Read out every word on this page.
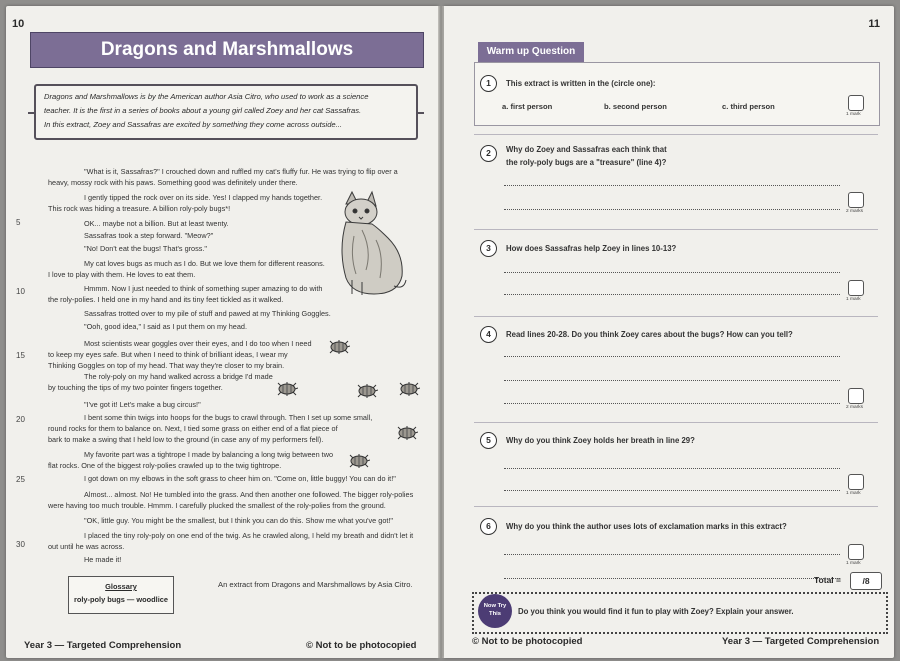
10
Dragons and Marshmallows
Dragons and Marshmallows is by the American author Asia Citro, who used to work as a science
teacher. It is the first in a series of books about a young girl called Zoey and her cat Sassafras.
In this extract, Zoey and Sassafras are excited by something they come across outside...
"What is it, Sassafras?" I crouched down and ruffled my cat's fluffy fur. He was trying to flip over a
heavy, mossy rock with his paws. Something good was definitely under there.
I gently tipped the rock over on its side. Yes! I clapped my hands together.
This rock was hiding a treasure. A billion roly-poly bugs*!
OK... maybe not a billion. But at least twenty.
Sassafras took a step forward. "Meow?"
"No! Don't eat the bugs! That's gross."
My cat loves bugs as much as I do. But we love them for different reasons.
I love to play with them. He loves to eat them.
Hmmm. Now I just needed to think of something super amazing to do with
the roly-polies. I held one in my hand and its tiny feet tickled as it walked.
Sassafras trotted over to my pile of stuff and pawed at my Thinking Goggles.
"Ooh, good idea," I said as I put them on my head.
Most scientists wear goggles over their eyes, and I do too when I need
to keep my eyes safe. But when I need to think of brilliant ideas, I wear my
Thinking Goggles on top of my head. That way they're closer to my brain.
The roly-poly on my hand walked across a bridge I'd made
by touching the tips of my two pointer fingers together.
"I've got it! Let's make a bug circus!"
I bent some thin twigs into hoops for the bugs to crawl through. Then I set up some small,
round rocks for them to balance on. Next, I tied some grass on either end of a flat piece of
bark to make a swing that I held low to the ground (in case any of my performers fell).
My favorite part was a tightrope I made by balancing a long twig between two
flat rocks. One of the biggest roly-polies crawled up to the twig tightrope.
I got down on my elbows in the soft grass to cheer him on. "Come on, little buggy! You can do it!"
Almost... almost. No! He tumbled into the grass. And then another one followed. The bigger roly-polies
were having too much trouble. Hmmm. I carefully plucked the smallest of the roly-polies from the ground.
"OK, little guy. You might be the smallest, but I think you can do this. Show me what you've got!"
I placed the tiny roly-poly on one end of the twig. As he crawled along, I held my breath and didn't let it
out until he was across.
He made it!
5
10
15
20
25
30
Glossary
roly-poly bugs — woodlice
An extract from Dragons and Marshmallows by Asia Citro.
Year 3 — Targeted Comprehension	© Not to be photocopied
11
Warm up Question
Total =	/8
Now Try This	Do you think you would find it fun to play with Zoey? Explain your answer.
© Not to be photocopied	Year 3 — Targeted Comprehension
1	This extract is written in the (circle one):
1 mark
2	Why do Zoey and Sassafras each think that
the roly-poly bugs are a "treasure" (line 4)?
2 marks
3	How does Sassafras help Zoey in lines 10-13?
1 mark
4	Read lines 20-28. Do you think Zoey cares about the bugs? How can you tell?
2 marks
5	Why do you think Zoey holds her breath in line 29?
1 mark
6	Why do you think the author uses lots of exclamation marks in this extract?
1 mark
a. first person	b. second person	c. third person
